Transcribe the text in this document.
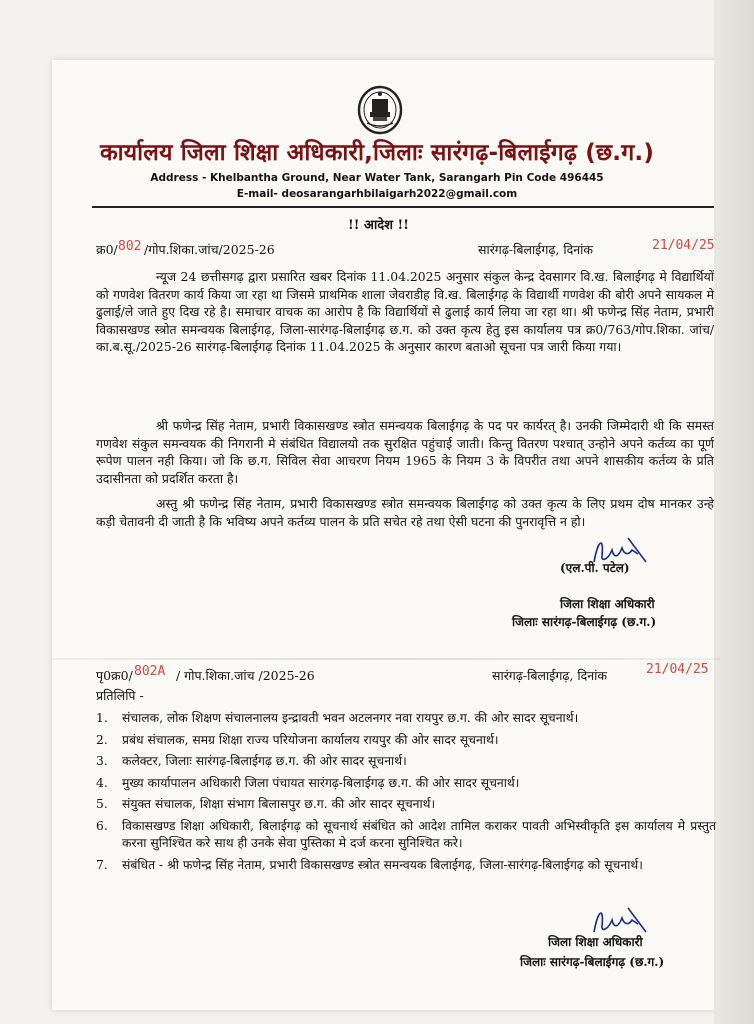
कार्यालय जिला शिक्षा अधिकारी,जिलाः सारंगढ़-बिलाईगढ़ (छ.ग.)
Address - Khelbantha Ground, Near Water Tank, Sarangarh Pin Code 496445
E-mail- deosarangarhbilaigarh2022@gmail.com
!! आदेश !!
क्र0/ 802 /गोप.शिका.जांच/2025-26	सारंगढ़-बिलाईगढ़, दिनांक	21/04/25
न्यूज 24 छत्तीसगढ़ द्वारा प्रसारित खबर दिनांक 11.04.2025 अनुसार संकुल केन्द्र देवसागर वि.ख. बिलाईगढ़ मे विद्यार्थियों को गणवेश वितरण कार्य किया जा रहा था जिसमे प्राथमिक शाला जेवराडीह वि.ख. बिलाईगढ़ के विद्यार्थी गणवेश की बोरी अपने सायकल मे ढुलाई/ले जाते हुए दिख रहे है। समाचार वाचक का आरोप है कि विद्यार्थियों से ढुलाई कार्य लिया जा रहा था। श्री फणेन्द्र सिंह नेताम, प्रभारी विकासखण्ड स्त्रोत समन्वयक बिलाईगढ़, जिला-सारंगढ़-बिलाईगढ़ छ.ग. को उक्त कृत्य हेतु इस कार्यालय पत्र क्र0/763/गोप.शिका. जांच/का.ब.सू./2025-26 सारंगढ़-बिलाईगढ़ दिनांक 11.04.2025 के अनुसार कारण बताओ सूचना पत्र जारी किया गया।
श्री फणेन्द्र सिंह नेताम, प्रभारी विकासखण्ड स्त्रोत समन्वयक बिलाईगढ़ के पद पर कार्यरत् है। उनकी जिम्मेदारी थी कि समस्त गणवेश संकुल समन्वयक की निगरानी मे संबंधित विद्यालयो तक सुरक्षित पहुंचाई जाती। किन्तु वितरण पश्चात् उन्होने अपने कर्तव्य का पूर्ण रूपेण पालन नही किया। जो कि छ.ग. सिविल सेवा आचरण नियम 1965 के नियम 3 के विपरीत तथा अपने शासकीय कर्तव्य के प्रति उदासीनता को प्रदर्शित करता है।
अस्तु श्री फणेन्द्र सिंह नेताम, प्रभारी विकासखण्ड स्त्रोत समन्वयक बिलाईगढ़ को उक्त कृत्य के लिए प्रथम दोष मानकर उन्हे कड़ी चेतावनी दी जाती है कि भविष्य अपने कर्तव्य पालन के प्रति सचेत रहे तथा ऐसी घटना की पुनरावृत्ति न हो।
(एल.पी. पटेल)
जिला शिक्षा अधिकारी
जिलाः सारंगढ़-बिलाईगढ़ (छ.ग.)
पृ0क्र0/ 802A / गोप.शिका.जांच /2025-26	सारंगढ़-बिलाईगढ़, दिनांक	21/04/25
प्रतिलिपि -
1. संचालक, लोक शिक्षण संचालनालय इन्द्रावती भवन अटलनगर नवा रायपुर छ.ग. की ओर सादर सूचनार्थ।
2. प्रबंध संचालक, समग्र शिक्षा राज्य परियोजना कार्यालय रायपुर की ओर सादर सूचनार्थ।
3. कलेक्टर, जिलाः सारंगढ़-बिलाईगढ़ छ.ग. की ओर सादर सूचनार्थ।
4. मुख्य कार्यापालन अधिकारी जिला पंचायत सारंगढ़-बिलाईगढ़ छ.ग. की ओर सादर सूचनार्थ।
5. संयुक्त संचालक, शिक्षा संभाग बिलासपुर छ.ग. की ओर सादर सूचनार्थ।
6. विकासखण्ड शिक्षा अधिकारी, बिलाईगढ़ को सूचनार्थ संबंधित को आदेश तामिल कराकर पावती अभिस्वीकृति इस कार्यालय मे प्रस्तुत करना सुनिश्चित करे साथ ही उनके सेवा पुस्तिका मे दर्ज करना सुनिश्चित करे।
7. संबंधित - श्री फणेन्द्र सिंह नेताम, प्रभारी विकासखण्ड स्त्रोत समन्वयक बिलाईगढ़, जिला-सारंगढ़-बिलाईगढ़ को सूचनार्थ।
जिला शिक्षा अधिकारी
जिलाः सारंगढ़-बिलाईगढ़ (छ.ग.)
